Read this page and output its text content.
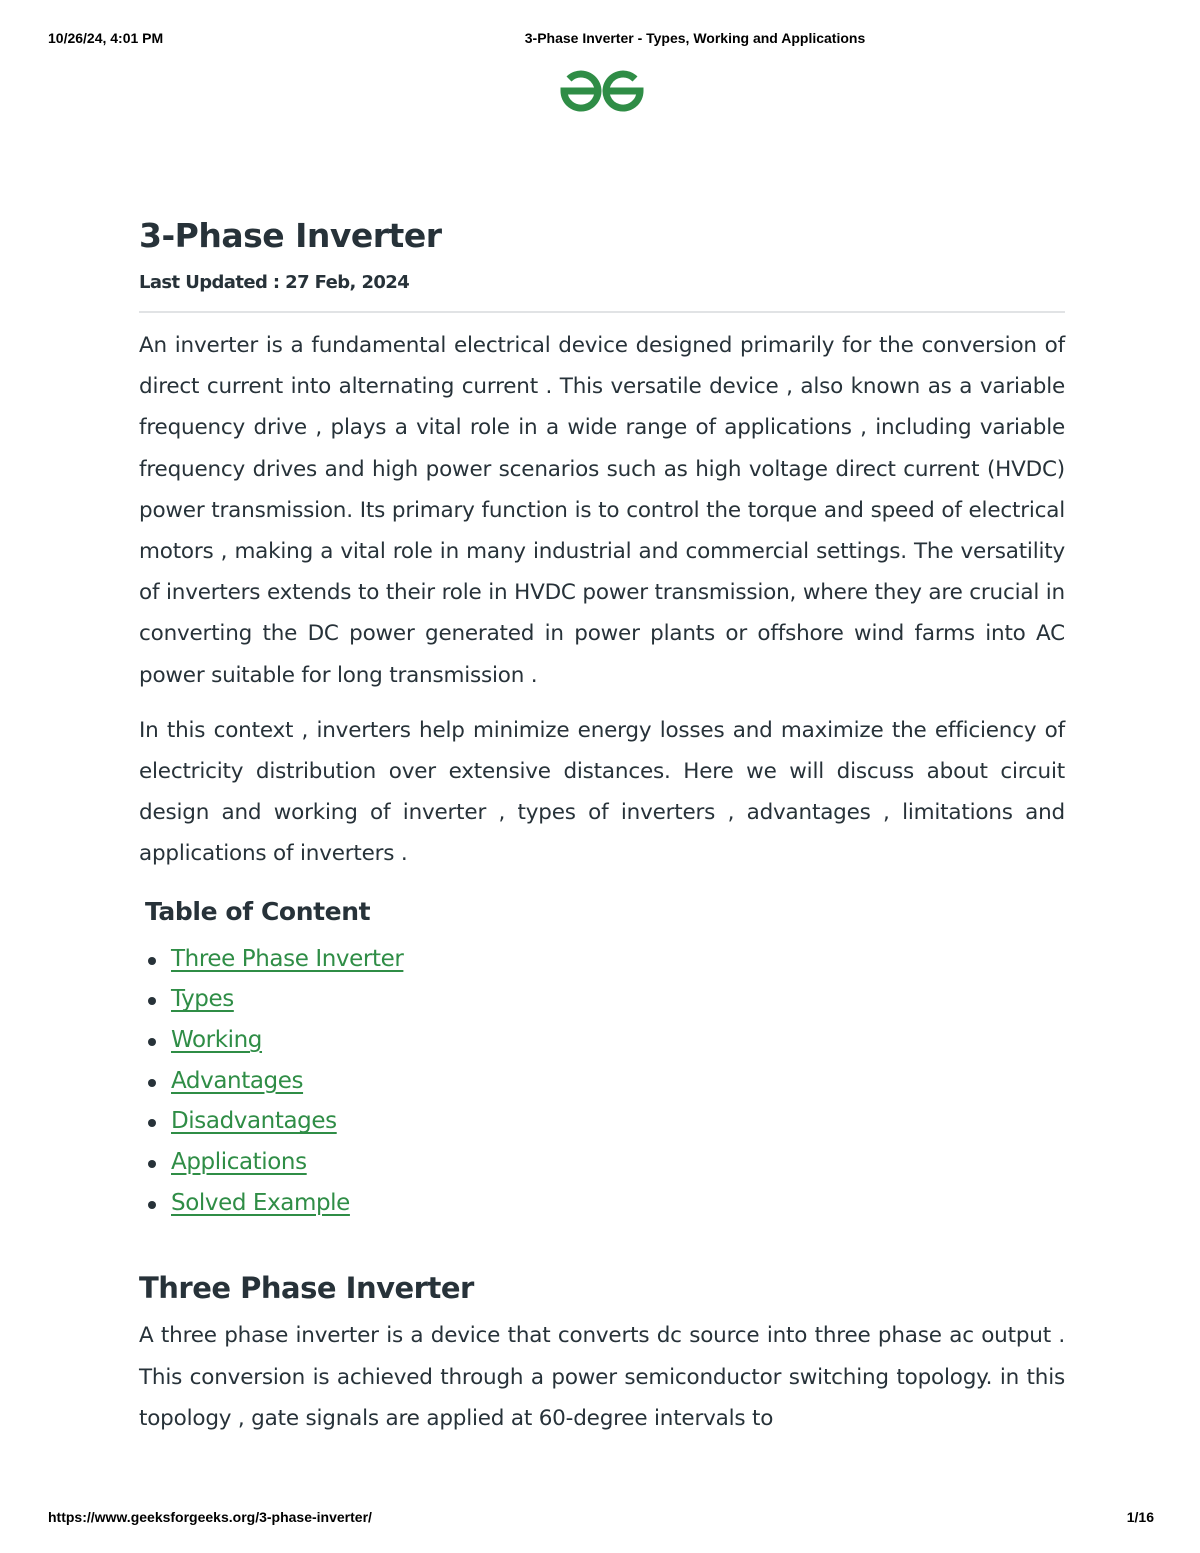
10/26/24, 4:01 PM	3-Phase Inverter - Types, Working and Applications
3-Phase Inverter
Last Updated : 27 Feb, 2024

An inverter is a fundamental electrical device designed primarily for the conversion of direct current into alternating current . This versatile device , also known as a variable frequency drive , plays a vital role in a wide range of applications , including variable frequency drives and high power scenarios such as high voltage direct current (HVDC) power transmission. Its primary function is to control the torque and speed of electrical motors , making a vital role in many industrial and commercial settings. The versatility of inverters extends to their role in HVDC power transmission, where they are crucial in converting the DC power generated in power plants or offshore wind farms into AC power suitable for long transmission .

In this context , inverters help minimize energy losses and maximize the efficiency of electricity distribution over extensive distances. Here we will discuss about circuit design and working of inverter , types of inverters , advantages , limitations and applications of inverters .

Table of Content
Three Phase Inverter
Types
Working
Advantages
Disadvantages
Applications
Solved Example
Three Phase Inverter

A three phase inverter is a device that converts dc source into three phase ac output . This conversion is achieved through a power semiconductor switching topology. in this topology , gate signals are applied at 60-degree intervals to

https://www.geeksforgeeks.org/3-phase-inverter/	1/16
